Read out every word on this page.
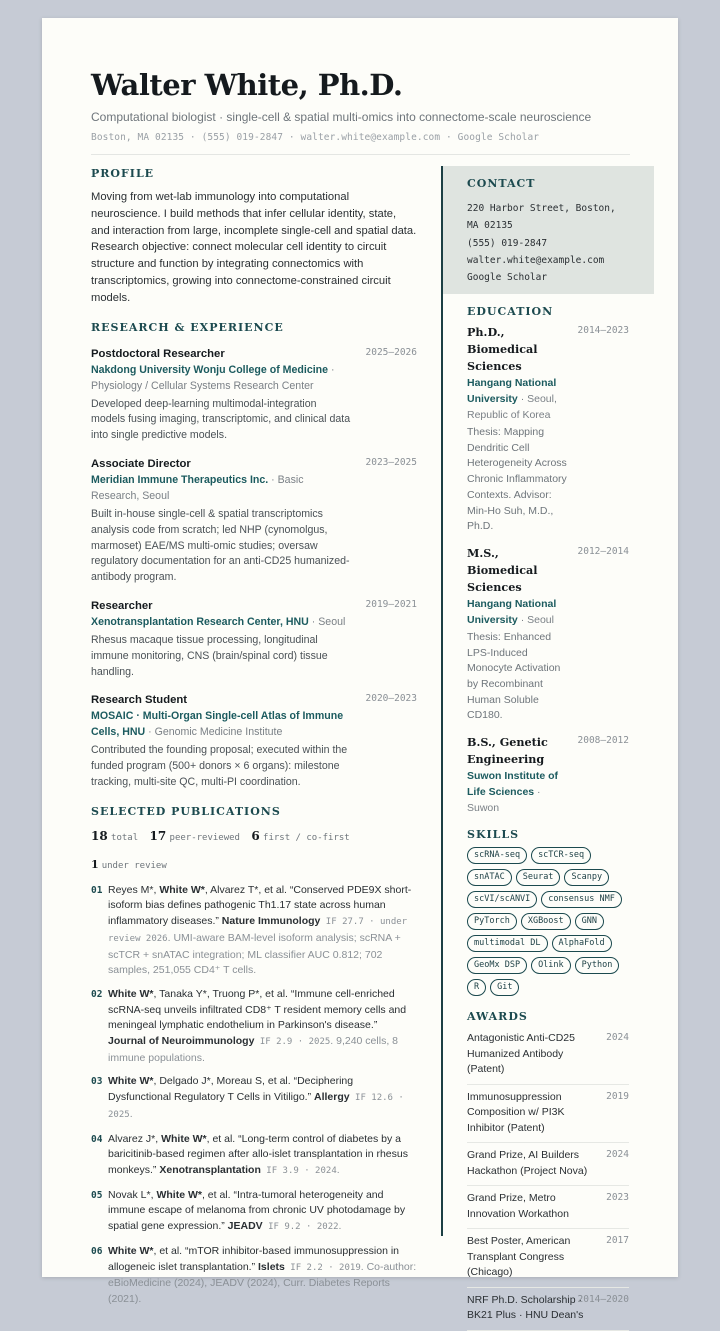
Walter White, Ph.D.
Computational biologist · single-cell & spatial multi-omics into connectome-scale neuroscience
Boston, MA 02135 · (555) 019-2847 · walter.white@example.com · Google Scholar
PROFILE
Moving from wet-lab immunology into computational neuroscience. I build methods that infer cellular identity, state, and interaction from large, incomplete single-cell and spatial data. Research objective: connect molecular cell identity to circuit structure and function by integrating connectomics with transcriptomics, growing into connectome-constrained circuit models.
RESEARCH & EXPERIENCE
Postdoctoral Researcher	2025–2026
Nakdong University Wonju College of Medicine · Physiology / Cellular Systems Research Center
Developed deep-learning multimodal-integration models fusing imaging, transcriptomic, and clinical data into single predictive models.
Associate Director	2023–2025
Meridian Immune Therapeutics Inc. · Basic Research, Seoul
Built in-house single-cell & spatial transcriptomics analysis code from scratch; led NHP (cynomolgus, marmoset) EAE/MS multi-omic studies; oversaw regulatory documentation for an anti-CD25 humanized-antibody program.
Researcher	2019–2021
Xenotransplantation Research Center, HNU · Seoul
Rhesus macaque tissue processing, longitudinal immune monitoring, CNS (brain/spinal cord) tissue handling.
Research Student	2020–2023
MOSAIC · Multi-Organ Single-cell Atlas of Immune Cells, HNU · Genomic Medicine Institute
Contributed the founding proposal; executed within the funded program (500+ donors × 6 organs): milestone tracking, multi-site QC, multi-PI coordination.
SELECTED PUBLICATIONS
18 total 17 peer-reviewed 6 first / co-first
1 under review
01 Reyes M*, White W*, Alvarez T*, et al. “Conserved PDE9X short-isoform bias defines pathogenic Th1.17 state across human inflammatory diseases.” Nature Immunology IF 27.7 · under review 2026. UMI-aware BAM-level isoform analysis; scRNA + scTCR + snATAC integration; ML classifier AUC 0.812; 702 samples, 251,055 CD4⁺ T cells.
02 White W*, Tanaka Y*, Truong P*, et al. “Immune cell-enriched scRNA-seq unveils infiltrated CD8⁺ T resident memory cells and meningeal lymphatic endothelium in Parkinson's disease.” Journal of Neuroimmunology IF 2.9 · 2025. 9,240 cells, 8 immune populations.
03 White W*, Delgado J*, Moreau S, et al. “Deciphering Dysfunctional Regulatory T Cells in Vitiligo.” Allergy IF 12.6 · 2025.
04 Alvarez J*, White W*, et al. “Long-term control of diabetes by a baricitinib-based regimen after allo-islet transplantation in rhesus monkeys.” Xenotransplantation IF 3.9 · 2024.
05 Novak L*, White W*, et al. “Intra-tumoral heterogeneity and immune escape of melanoma from chronic UV photodamage by spatial gene expression.” JEADV IF 9.2 · 2022.
06 White W*, et al. “mTOR inhibitor-based immunosuppression in allogeneic islet transplantation.” Islets IF 2.2 · 2019. Co-author: eBioMedicine (2024), JEADV (2024), Curr. Diabetes Reports (2021).
CONTACT
220 Harbor Street, Boston, MA 02135
(555) 019-2847
walter.white@example.com
Google Scholar
EDUCATION
Ph.D., Biomedical Sciences
2014–2023
Hangang National University · Seoul, Republic of Korea
Thesis: Mapping Dendritic Cell Heterogeneity Across Chronic Inflammatory Contexts. Advisor: Min-Ho Suh, M.D., Ph.D.
M.S., Biomedical Sciences
2012–2014
Hangang National University · Seoul
Thesis: Enhanced LPS-Induced Monocyte Activation by Recombinant Human Soluble CD180.
B.S., Genetic Engineering
2008–2012
Suwon Institute of Life Sciences · Suwon
SKILLS
scRNA-seq	scTCR-seq
snATAC	Seurat	Scanpy
scVI/scANVI	consensus NMF
PyTorch	XGBoost	GNN
multimodal DL	AlphaFold
GeoMx DSP	Olink	Python
R	Git
AWARDS
Antagonistic Anti-CD25 Humanized Antibody (Patent)
2024
Immunosuppression Composition w/ PI3K Inhibitor (Patent)
2019
Grand Prize, AI Builders Hackathon (Project Nova)
2024
Grand Prize, Metro Innovation Workathon
2023
Best Poster, American Transplant Congress (Chicago)
2017
NRF Ph.D. Scholarship · BK21 Plus · HNU Dean's
2014–2020
